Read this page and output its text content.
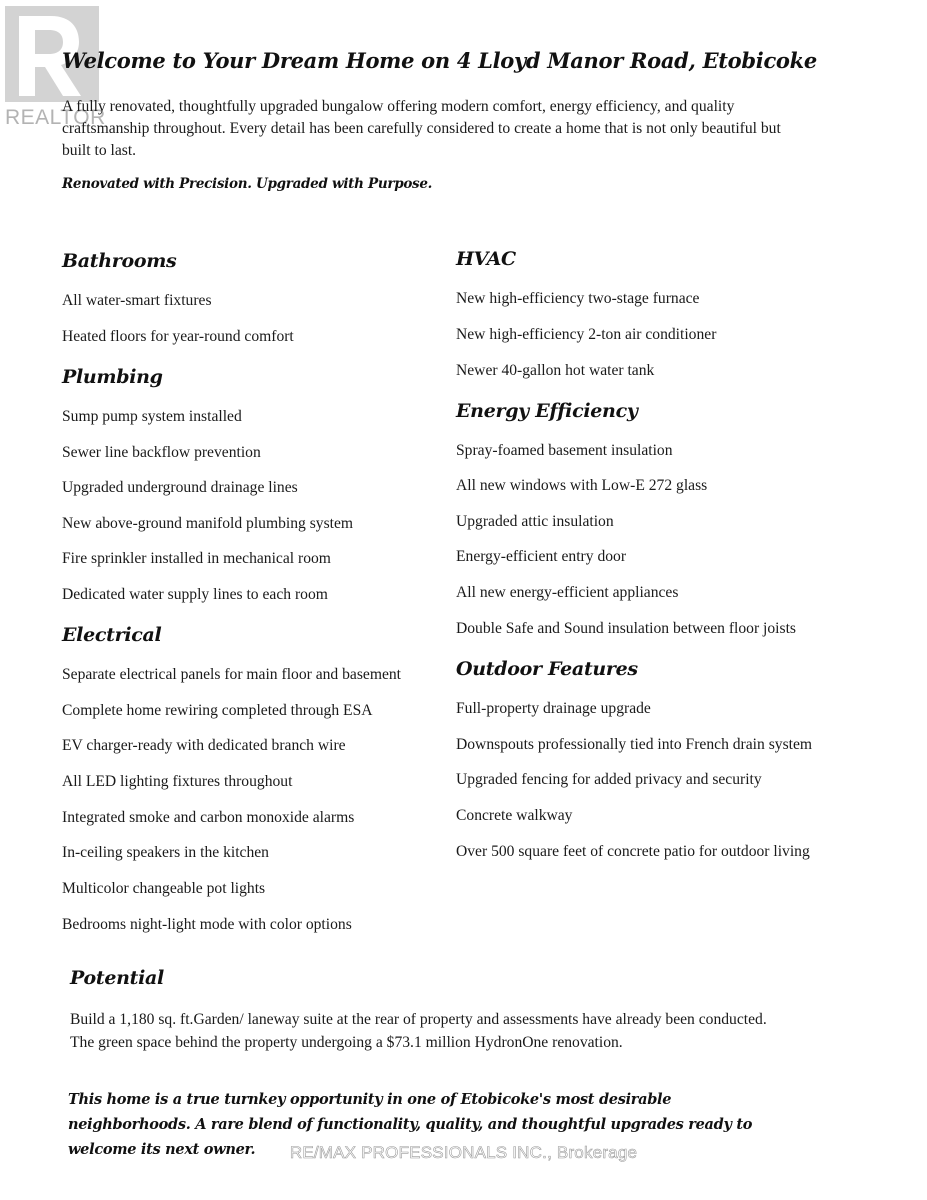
REALTOR
Welcome to Your Dream Home on 4 Lloyd Manor Road, Etobicoke
A fully renovated, thoughtfully upgraded bungalow offering modern comfort, energy efficiency, and quality craftsmanship throughout. Every detail has been carefully considered to create a home that is not only beautiful but built to last.
Renovated with Precision. Upgraded with Purpose.
Bathrooms
All water-smart fixtures
Heated floors for year-round comfort
Plumbing
Sump pump system installed
Sewer line backflow prevention
Upgraded underground drainage lines
New above-ground manifold plumbing system
Fire sprinkler installed in mechanical room
Dedicated water supply lines to each room
Electrical
Separate electrical panels for main floor and basement
Complete home rewiring completed through ESA
EV charger-ready with dedicated branch wire
All LED lighting fixtures throughout
Integrated smoke and carbon monoxide alarms
In-ceiling speakers in the kitchen
Multicolor changeable pot lights
Bedrooms night-light mode with color options
HVAC
New high-efficiency two-stage furnace
New high-efficiency 2-ton air conditioner
Newer 40-gallon hot water tank
Energy Efficiency
Spray-foamed basement insulation
All new windows with Low-E 272 glass
Upgraded attic insulation
Energy-efficient entry door
All new energy-efficient appliances
Double Safe and Sound insulation between floor joists
Outdoor Features
Full-property drainage upgrade
Downspouts professionally tied into French drain system
Upgraded fencing for added privacy and security
Concrete walkway
Over 500 square feet of concrete patio for outdoor living
Potential
Build a 1,180 sq. ft.Garden/ laneway suite at the rear of property and assessments have already been conducted. The green space behind the property undergoing a $73.1 million HydronOne renovation.
This home is a true turnkey opportunity in one of Etobicoke's most desirable neighborhoods. A rare blend of functionality, quality, and thoughtful upgrades ready to welcome its next owner.	RE/MAX PROFESSIONALS INC., Brokerage
